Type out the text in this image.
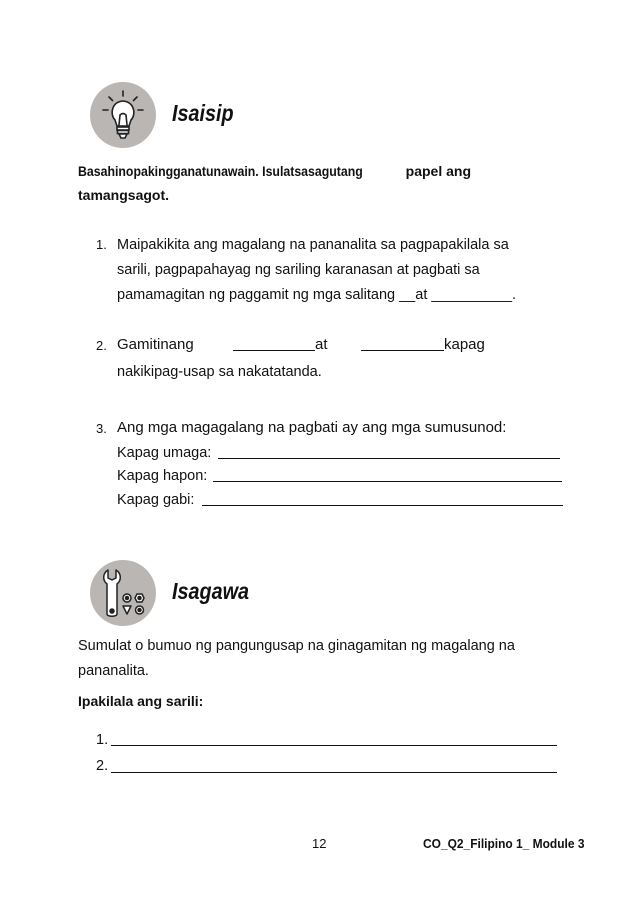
Isaisip
Basahinopakingganatunawain. Isulatsasagutang	papel ang
tamangsagot.
1. Maipakikita ang magalang na pananalita sa pagpapakilala sa
sarili, pagpapahayag ng sariling karanasan at pagbati sa
pamamagitan ng paggamit ng mga salitang __at __________.
2. Gamitinang	at	kapag
nakikipag-usap sa nakatatanda.
3. Ang mga magagalang na pagbati ay ang mga sumusunod:
Kapag umaga:
Kapag hapon:
Kapag gabi:
Isagawa
Sumulat o bumuo ng pangungusap na ginagamitan ng magalang na
pananalita.
Ipakilala ang sarili:
1.
2.
12	CO_Q2_Filipino 1_ Module 3
